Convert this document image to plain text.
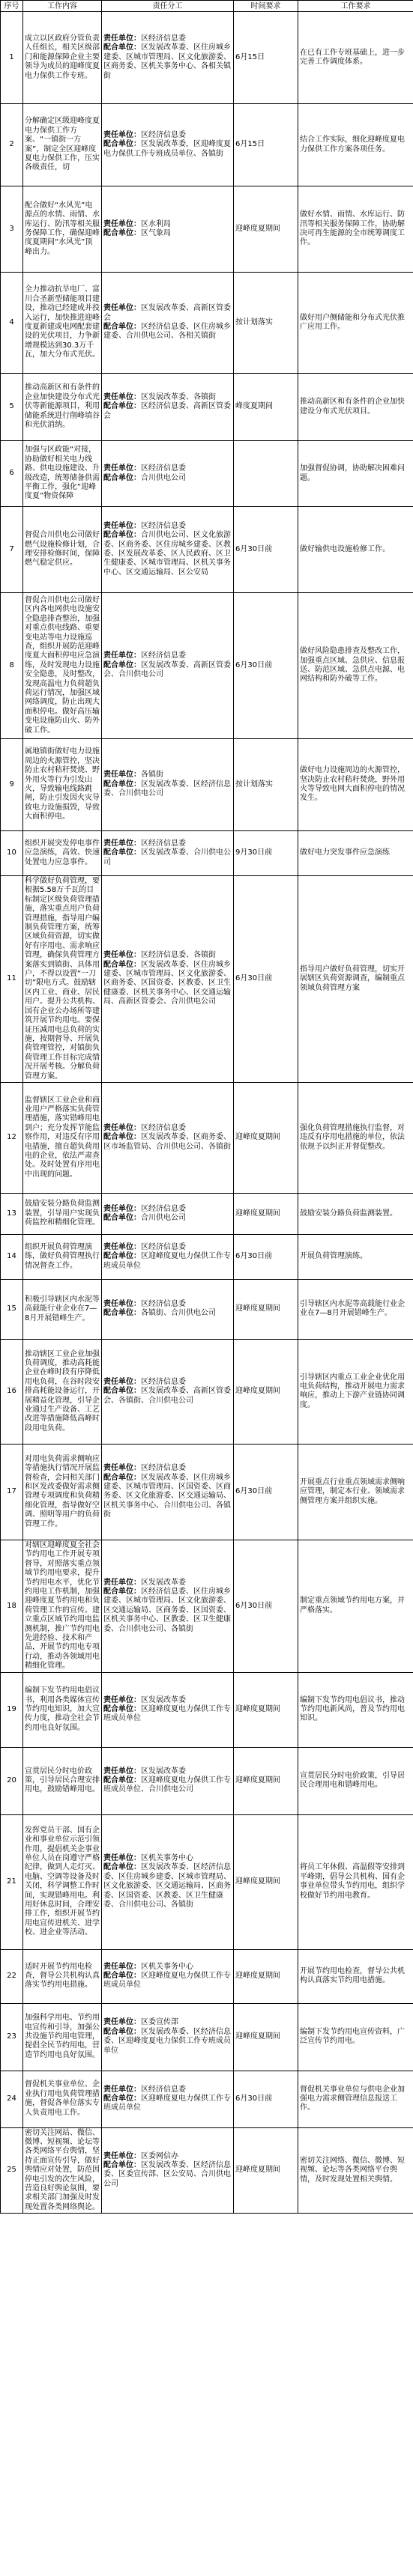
序号	工作内容	责任分工	时间要求	工作要求
1	成立以区政府分管负责人任组长，相关区级部门和能源保障企业主要领导为成员的迎峰度夏电力保供工作专班。	责任单位：区经济信息委
配合单位：区发展改革委、区住房城乡建委、区城市管理局、区文化旅游委、区商务委、区机关事务中心、各相关镇街	6月15日	在已有工作专班基础上，进一步完善工作调度体系。
2	分解确定区级迎峰度夏电力保供工作方案、“一镇街一方案”，制定全区迎峰度夏电力保供工作，压实各级责任，切	责任单位：区经济信息委
配合单位：区发展改革委，区迎峰度夏电力保供工作专班成员单位、各镇街	6月15日	结合工作实际，细化迎峰度夏电力保供工作方案各项任务。
3	配合做好“水风光”电源点的水情、雨情、水库运行、防汛等相关服务保障工作，确保迎峰度夏期间“水风光”顶峰出力。	责任单位：区水利局
配合单位：区气象局	迎峰度夏期间	做好水情、雨情、水库运行、防汛等相关服务保障工作，协助解决可再生能源的全市统筹调度工作。
4	全力推动抗旱电厂、富川合圣新型储能项目建设，推动已经建成并投入运行，加快推进迎峰度夏新建或电网配套建设的光伏项目，力争新增规模达到30.3万千瓦，加大分布式光伏。	责任单位：区发展改革委、高新区管委会
配合单位：区经济信息委、区住房城乡建委、合川供电公司、各相关镇街	按计划落实	做好用户侧储能和分布式光伏推广应用工作。
5	推动高新区和有条件的企业加快建设分布式光伏等新能源项目，利用储能系统进行削峰填谷和光伏消纳。	责任单位：区发展改革委、各镇街
配合单位：区经济信息委、高新区管委会	峰度夏期间	推动高新区和有条件的企业加快建设分布式光伏项目。
6	加强与区政能“对接，协助做好相关电力线路、供电设施建设、升级改造，统筹储备供需平衡工作，强化“迎峰度夏”物资保障	责任单位：区经济信息委
配合单位：合川供电公司		加强督促协调，协助解决困难问题。
7	督促合川供电公司做好燃气设施检修计划，合理安排检修时间，保障燃气稳定供应。	责任单位：区经济信息委
配合单位：合川供电公司、区文化旅游委、区商务委、区住房城乡建委、区教委、区发展改革委、区人民政府、区卫生健康委、区城市管理局、区机关事务中心、区交通运输局、区公安局	6月30日前	做好输供电设施检修工作。
8	督促合川供电公司做好区内各电网供电设施安全隐患排查整治，加强对重点供电线路、重要变电站等电力设施巡查，组织开展防范迎峰度夏大面积停电应急演练，及时发现电力设施安全隐患，及时整改，发现高温电力负荷超负荷运行情况，加强区域网络调度，防止出现大面积停电。做好高压输变电设施防山火、防外破工作。	责任单位：区经济信息委
配合单位：区发展改革委、高新区管委会、合川供电公司	6月30日前	做好风险隐患排查及整改工作，加强重点区域、急供应、信息报送、防范区域、急供点电源、电网结构和防外破等工作。
9	属地镇街做好电力设施周边的火源管控，坚决防止农村秸秆焚烧、野外用火等行为引发山火，导致输电线路跳闸，防止引发因火灾导致电力设施损毁，导致大面积停电。	责任单位：各镇街
配合单位：区发展改革委、区经济信息委、合川供电公司	按计划落实	做好电力设施周边的火源管控，坚决防止农村秸秆焚烧，野外用火等导致电网大面积停电的情况发生。
10	组织开展突发停电事件应急演练，高效、快速处置电力应急事件。	责任单位：区经济信息委
配合单位：区发展改革委、合川供电公司	9月30日前	做好电力突发事件应急演练
11	科学做好负荷管理，要根据5.58万千瓦的目标制定区级负荷管理措施，落实重点用户负荷管理措施，指导用户编制负荷管理方案，统筹区域负荷资源，切实做好有序用电、需求响应管理，确保负荷管理方案落实到镇街、具体用户，不得以设置“一刀切”限电方式。鼓励辖区内工业、商业、居民用户。提升公共机构、国有企业公办场所等建筑开展节约用电。要保证压减用电总负荷的实施，按期督导、开展负荷管理管控，对镇街负荷管理工作目标完成情况开展考核。分解负荷管理方案。	责任单位：区经济信息委、各镇街
配合单位：区发展改革委、区住房城乡建委、区城市管理局、区文化旅游委、区商务委、区国资委、区教委、区卫生健康委、区机关事务中心、区交通运输局、高新区管委会、合川供电公司	6月30日前	指导用户做好负荷管理，切实开展辖区负荷资源调查，编制重点领域负荷管理方案
12	监督辖区工业企业和商业用户严格落实负荷管理措施，落实错峰用电到户；充分发挥节能监察作用，对违反有序用电措施，擅自超负荷用电的企业，依法严肃查处。及时处置有序用电中出现的问题。	责任单位：区经济信息委
配合单位：区发展改革委、区商务委、区市场监管局、合川供电公司、各镇街	迎峰度夏期间	强化负荷管理措施执行监督，对违反有序用电措施的单位，依法依规予以纠正并督促整改。
13	鼓励安装分路负荷监测装置，引导用户实现负荷监控和精细化管理。	责任单位：区经济信息委
配合单位：合川供电公司	迎峰度夏期间	鼓励安装分路负荷监测装置。
14	组织开展负荷管理演练，做好负荷管理执行情况督查工作。	责任单位：区经济信息委
配合单位：区迎峰度夏电力保供工作专班成员单位	6月30日前	开展负荷管理演练。
15	积极引导辖区内水泥等高载能行业企业在7—8月开展错峰生产。	责任单位：区经济信息委
配合单位：各镇街、合川供电公司	迎峰度夏期间	引导辖区内水泥等高载能行业企业在7—8月开展错峰生产。
16	推动辖区工业企业加强负荷调度，推动高耗能企业在峰时段有序降低用电负荷，在谷时段安排高耗能设备运行，开展精益化管理，引导企业通过生产设备、工艺改进等措施降低高峰时段用电负荷。	责任单位：区经济信息委
配合单位：区发展改革委、高新区管委会、各镇街、合川供电公司	迎峰度夏期间	引导辖区内重点工业企业优化用电负荷结构，推动开展电力需求响应，推动上下游产业链协同调度。
17	对用电负荷需求侧响应等措施执行情况开展监督检查，会同相关部门和区发改委做好需求侧管理专项调度和负荷精细化管理，指导做好空调、照明等用户的负荷管理工作。	责任单位：区经济信息委
配合单位：区发展改革委、区住房城乡建委、区城市管理局、区国资委、区商务委、区文化旅游委、区交通运输局、区机关事务中心、合川供电公司、各镇街	6月30日前	开展重点行业重点领域需求侧响应管理，制定本行业、领域需求侧管理方案并组织实施。
18	对辖区迎峰度夏全社会节约用电工作开展专项督导，对照落实重点领域节约用电要求，提升节约用电水平，优化节约用电工作机制，加强迎峰度夏节约用电和负荷管理工作的宣传。建立重点区域节约用电监测机制，推广节约用电先进经验、技术和产品，开展节约用电专项行动，推动各领域用电精细化管理。	责任单位：区发展改革委
配合单位：区经济信息委、区住房城乡建委、区城市管理局、区文化旅游委、区交通运输局、区商务委、区国资委、区机关事务中心、区教委、区卫生健康委、合川供电公司、各镇街	6月30日前	制定重点领域节约用电方案，并严格落实。
19	编制下发节约用电倡议书，利用各类媒体宣传节约用电知识，加大宣传力度，推动全社会节约用电良好氛围。	责任单位：区发展改革委
配合单位：区迎峰度夏电力保供工作专班成员单位	迎峰度夏期间	编制下发节约用电倡议书，推动节约用电新风尚，普及节约用电知识。
20	宣贯居民分时电价政策，引导居民合理安排用电，鼓励错峰用电。	责任单位：区发展改革委
配合单位：区迎峰度夏电力保供工作专班成员单位、合川供电公司	迎峰度夏期间	宣贯居民分时电价政策，引导居民合理用电和错峰用电。
21	发挥党员干部、国有企业和事业单位示范引领作用，提倡机关企事业单位人员在岗遵守严格纪律，做到人走灯灭、电脑、空调等设备及时关闭，科学调整工作时间，实现错峰用电。利用好休息时间，合理安排工作，组织开展节约用电宣传进机关、进学校、进企业等活动。	责任单位：区机关事务中心
配合单位：区发展改革委、区经济信息委、区住房城乡建委、区城市管理局、区文化旅游委、区交通运输局、区商务委、区国资委、区教委、区卫生健康委、合川供电公司、各镇街	迎峰度夏期间	将员工年休假、高温假等安排到平峰期，倡导公共机构、国有企事业单位带头节约用电，组织学校做好节约用电教育。
22	适时开展节约用电检查，督导公共机构认真落实节约用电措施。	责任单位：区机关事务中心
配合单位：区迎峰度夏电力保供工作专班成员单位	迎峰度夏期间	开展节约用电检查，督导公共机构认真落实节约用电措施。
23	加强科学用电、节约用电宣传和引导，加强公共设施节约用电管理，提倡全民节约用电，营造节约用电良好氛围。	责任单位：区委宣传部
配合单位：区发展改革委、区经济信息委、区迎峰度夏电力保供工作专班成员单位	迎峰度夏期间	编制下发节约用电宣传资料，广泛宣传节约用电。
24	督促机关事业单位、企业执行用电负荷管理措施，督促各单位落实专人负责用电工作。	责任单位：区经济信息委
配合单位：区迎峰度夏电力保供工作专班成员单位	6月30日前	督促机关事业单位与供电企业加强电力需求侧管理信息报送工作。
25	密切关注网站、微信、微博、短视频、论坛等各类网络平台舆情，坚持正面宣传引导，做好舆情应对处置，防范因停电引发的次生风险，营造良好舆论氛围，要求相关部门加强及时发现处置各类网络舆论。	责任单位：区委网信办
配合单位：区发展改革委、区经济信息委、区委宣传部、区公安局、合川供电公司	迎峰度夏期间	密切关注网络、微信、微博、短视频、论坛等各类网络平台舆情，及时发现处置相关舆情。
